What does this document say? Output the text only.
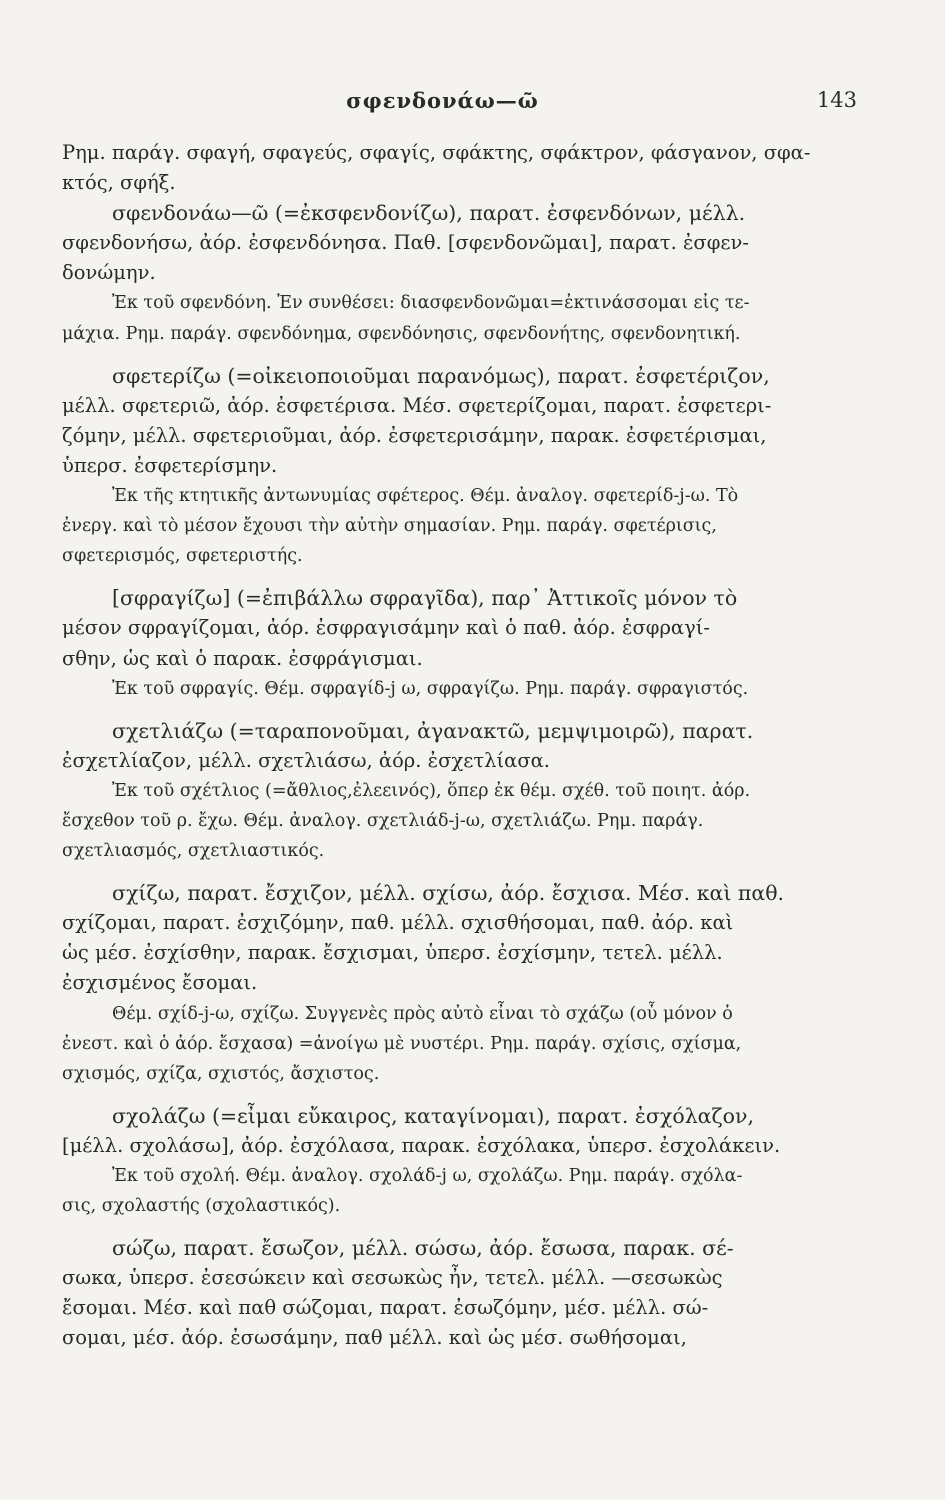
σφενδονάω—ῶ	143
Ρημ. παράγ. σφαγή, σφαγεύς, σφαγίς, σφάκτης, σφάκτρον, φάσγανον, σφα-
κτός, σφήξ.
σφενδονάω—ῶ (=ἐκσφενδονίζω), παρατ. ἐσφενδόνων, μέλλ.
σφενδονήσω, ἀόρ. ἐσφενδόνησα. Παθ. [σφενδονῶμαι], παρατ. ἐσφεν-
δονώμην.
Ἐκ τοῦ σφενδόνη. Ἐν συνθέσει: διασφενδονῶμαι=ἐκτινάσσομαι εἰς τε-
μάχια. Ρημ. παράγ. σφενδόνημα, σφενδόνησις, σφενδονήτης, σφενδονητική.
σφετερίζω (=οἰκειοποιοῦμαι παρανόμως), παρατ. ἐσφετέριζον,
μέλλ. σφετεριῶ, ἀόρ. ἐσφετέρισα. Μέσ. σφετερίζομαι, παρατ. ἐσφετερι-
ζόμην, μέλλ. σφετεριοῦμαι, ἀόρ. ἐσφετερισάμην, παρακ. ἐσφετέρισμαι,
ὑπερσ. ἐσφετερίσμην.
Ἐκ τῆς κτητικῆς ἀντωνυμίας σφέτερος. Θέμ. ἀναλογ. σφετερίδ-j-ω. Τὸ
ἐνεργ. καὶ τὸ μέσον ἔχουσι τὴν αὐτὴν σημασίαν. Ρημ. παράγ. σφετέρισις,
σφετερισμός, σφετεριστής.
[σφραγίζω] (=ἐπιβάλλω σφραγῖδα), παρ᾽ Ἀττικοῖς μόνον τὸ
μέσον σφραγίζομαι, ἀόρ. ἐσφραγισάμην καὶ ὁ παθ. ἀόρ. ἐσφραγί-
σθην, ὡς καὶ ὁ παρακ. ἐσφράγισμαι.
Ἐκ τοῦ σφραγίς. Θέμ. σφραγίδ-j ω, σφραγίζω. Ρημ. παράγ. σφραγιστός.
σχετλιάζω (=ταραπονοῦμαι, ἀγανακτῶ, μεμψιμοιρῶ), παρατ.
ἐσχετλίαζον, μέλλ. σχετλιάσω, ἀόρ. ἐσχετλίασα.
Ἐκ τοῦ σχέτλιος (=ἄθλιος,ἐλεεινός), ὅπερ ἐκ θέμ. σχέθ. τοῦ ποιητ. ἀόρ.
ἔσχεθον τοῦ ρ. ἔχω. Θέμ. ἀναλογ. σχετλιάδ-j-ω, σχετλιάζω. Ρημ. παράγ.
σχετλιασμός, σχετλιαστικός.
σχίζω, παρατ. ἔσχιζον, μέλλ. σχίσω, ἀόρ. ἔσχισα. Μέσ. καὶ παθ.
σχίζομαι, παρατ. ἐσχιζόμην, παθ. μέλλ. σχισθήσομαι, παθ. ἀόρ. καὶ
ὡς μέσ. ἐσχίσθην, παρακ. ἔσχισμαι, ὑπερσ. ἐσχίσμην, τετελ. μέλλ.
ἐσχισμένος ἔσομαι.
Θέμ. σχίδ-j-ω, σχίζω. Συγγενὲς πρὸς αὐτὸ εἶναι τὸ σχάζω (οὗ μόνον ὁ
ἐνεστ. καὶ ὁ ἀόρ. ἔσχασα) =ἀνοίγω μὲ νυστέρι. Ρημ. παράγ. σχίσις, σχίσμα,
σχισμός, σχίζα, σχιστός, ἄσχιστος.
σχολάζω (=εἶμαι εὔκαιρος, καταγίνομαι), παρατ. ἐσχόλαζον,
[μέλλ. σχολάσω], ἀόρ. ἐσχόλασα, παρακ. ἐσχόλακα, ὑπερσ. ἐσχολάκειν.
Ἐκ τοῦ σχολή. Θέμ. ἀναλογ. σχολάδ-j ω, σχολάζω. Ρημ. παράγ. σχόλα-
σις, σχολαστής (σχολαστικός).
σώζω, παρατ. ἔσωζον, μέλλ. σώσω, ἀόρ. ἔσωσα, παρακ. σέ-
σωκα, ὑπερσ. ἐσεσώκειν καὶ σεσωκὼς ἦν, τετελ. μέλλ. —σεσωκὼς
ἔσομαι. Μέσ. καὶ παθ σώζομαι, παρατ. ἐσωζόμην, μέσ. μέλλ. σώ-
σομαι, μέσ. ἀόρ. ἐσωσάμην, παθ μέλλ. καὶ ὡς μέσ. σωθήσομαι,
